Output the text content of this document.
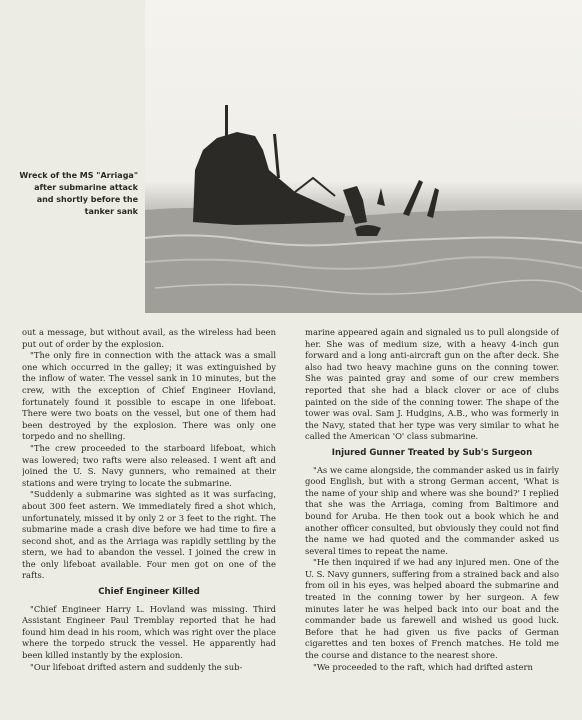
Wreck of the MS "Arriaga" after submarine attack and shortly before the tanker sank

out a message, but without avail, as the wireless had been put out of order by the explosion.

"The only fire in connection with the attack was a small one which occurred in the galley; it was extinguished by the inflow of water. The vessel sank in 10 minutes, but the crew, with the exception of Chief Engineer Hovland, fortunately found it possible to escape in one lifeboat. There were two boats on the vessel, but one of them had been destroyed by the explosion. There was only one torpedo and no shelling.

"The crew proceeded to the starboard lifeboat, which was lowered; two rafts were also released. I went aft and joined the U. S. Navy gunners, who remained at their stations and were trying to locate the submarine.

"Suddenly a submarine was sighted as it was surfacing, about 300 feet astern. We immediately fired a shot which, unfortunately, missed it by only 2 or 3 feet to the right. The submarine made a crash dive before we had time to fire a second shot, and as the Arriaga was rapidly settling by the stern, we had to abandon the vessel. I joined the crew in the only lifeboat available. Four men got on one of the rafts.

Chief Engineer Killed

"Chief Engineer Harry L. Hovland was missing. Third Assistant Engineer Paul Tremblay reported that he had found him dead in his room, which was right over the place where the torpedo struck the vessel. He apparently had been killed instantly by the explosion.

"Our lifeboat drifted astern and suddenly the sub-

marine appeared again and signaled us to pull alongside of her. She was of medium size, with a heavy 4-inch gun forward and a long anti-aircraft gun on the after deck. She also had two heavy machine guns on the conning tower. She was painted gray and some of our crew members reported that she had a black clover or ace of clubs painted on the side of the conning tower. The shape of the tower was oval. Sam J. Hudgins, A.B., who was formerly in the Navy, stated that her type was very similar to what he called the American 'O' class submarine.

Injured Gunner Treated by Sub's Surgeon

"As we came alongside, the commander asked us in fairly good English, but with a strong German accent, 'What is the name of your ship and where was she bound?' I replied that she was the Arriaga, coming from Baltimore and bound for Aruba. He then took out a book which he and another officer consulted, but obviously they could not find the name we had quoted and the commander asked us several times to repeat the name.

"He then inquired if we had any injured men. One of the U. S. Navy gunners, suffering from a strained back and also from oil in his eyes, was helped aboard the submarine and treated in the conning tower by her surgeon. A few minutes later he was helped back into our boat and the commander bade us farewell and wished us good luck. Before that he had given us five packs of German cigarettes and ten boxes of French matches. He told me the course and distance to the nearest shore.

"We proceeded to the raft, which had drifted astern
